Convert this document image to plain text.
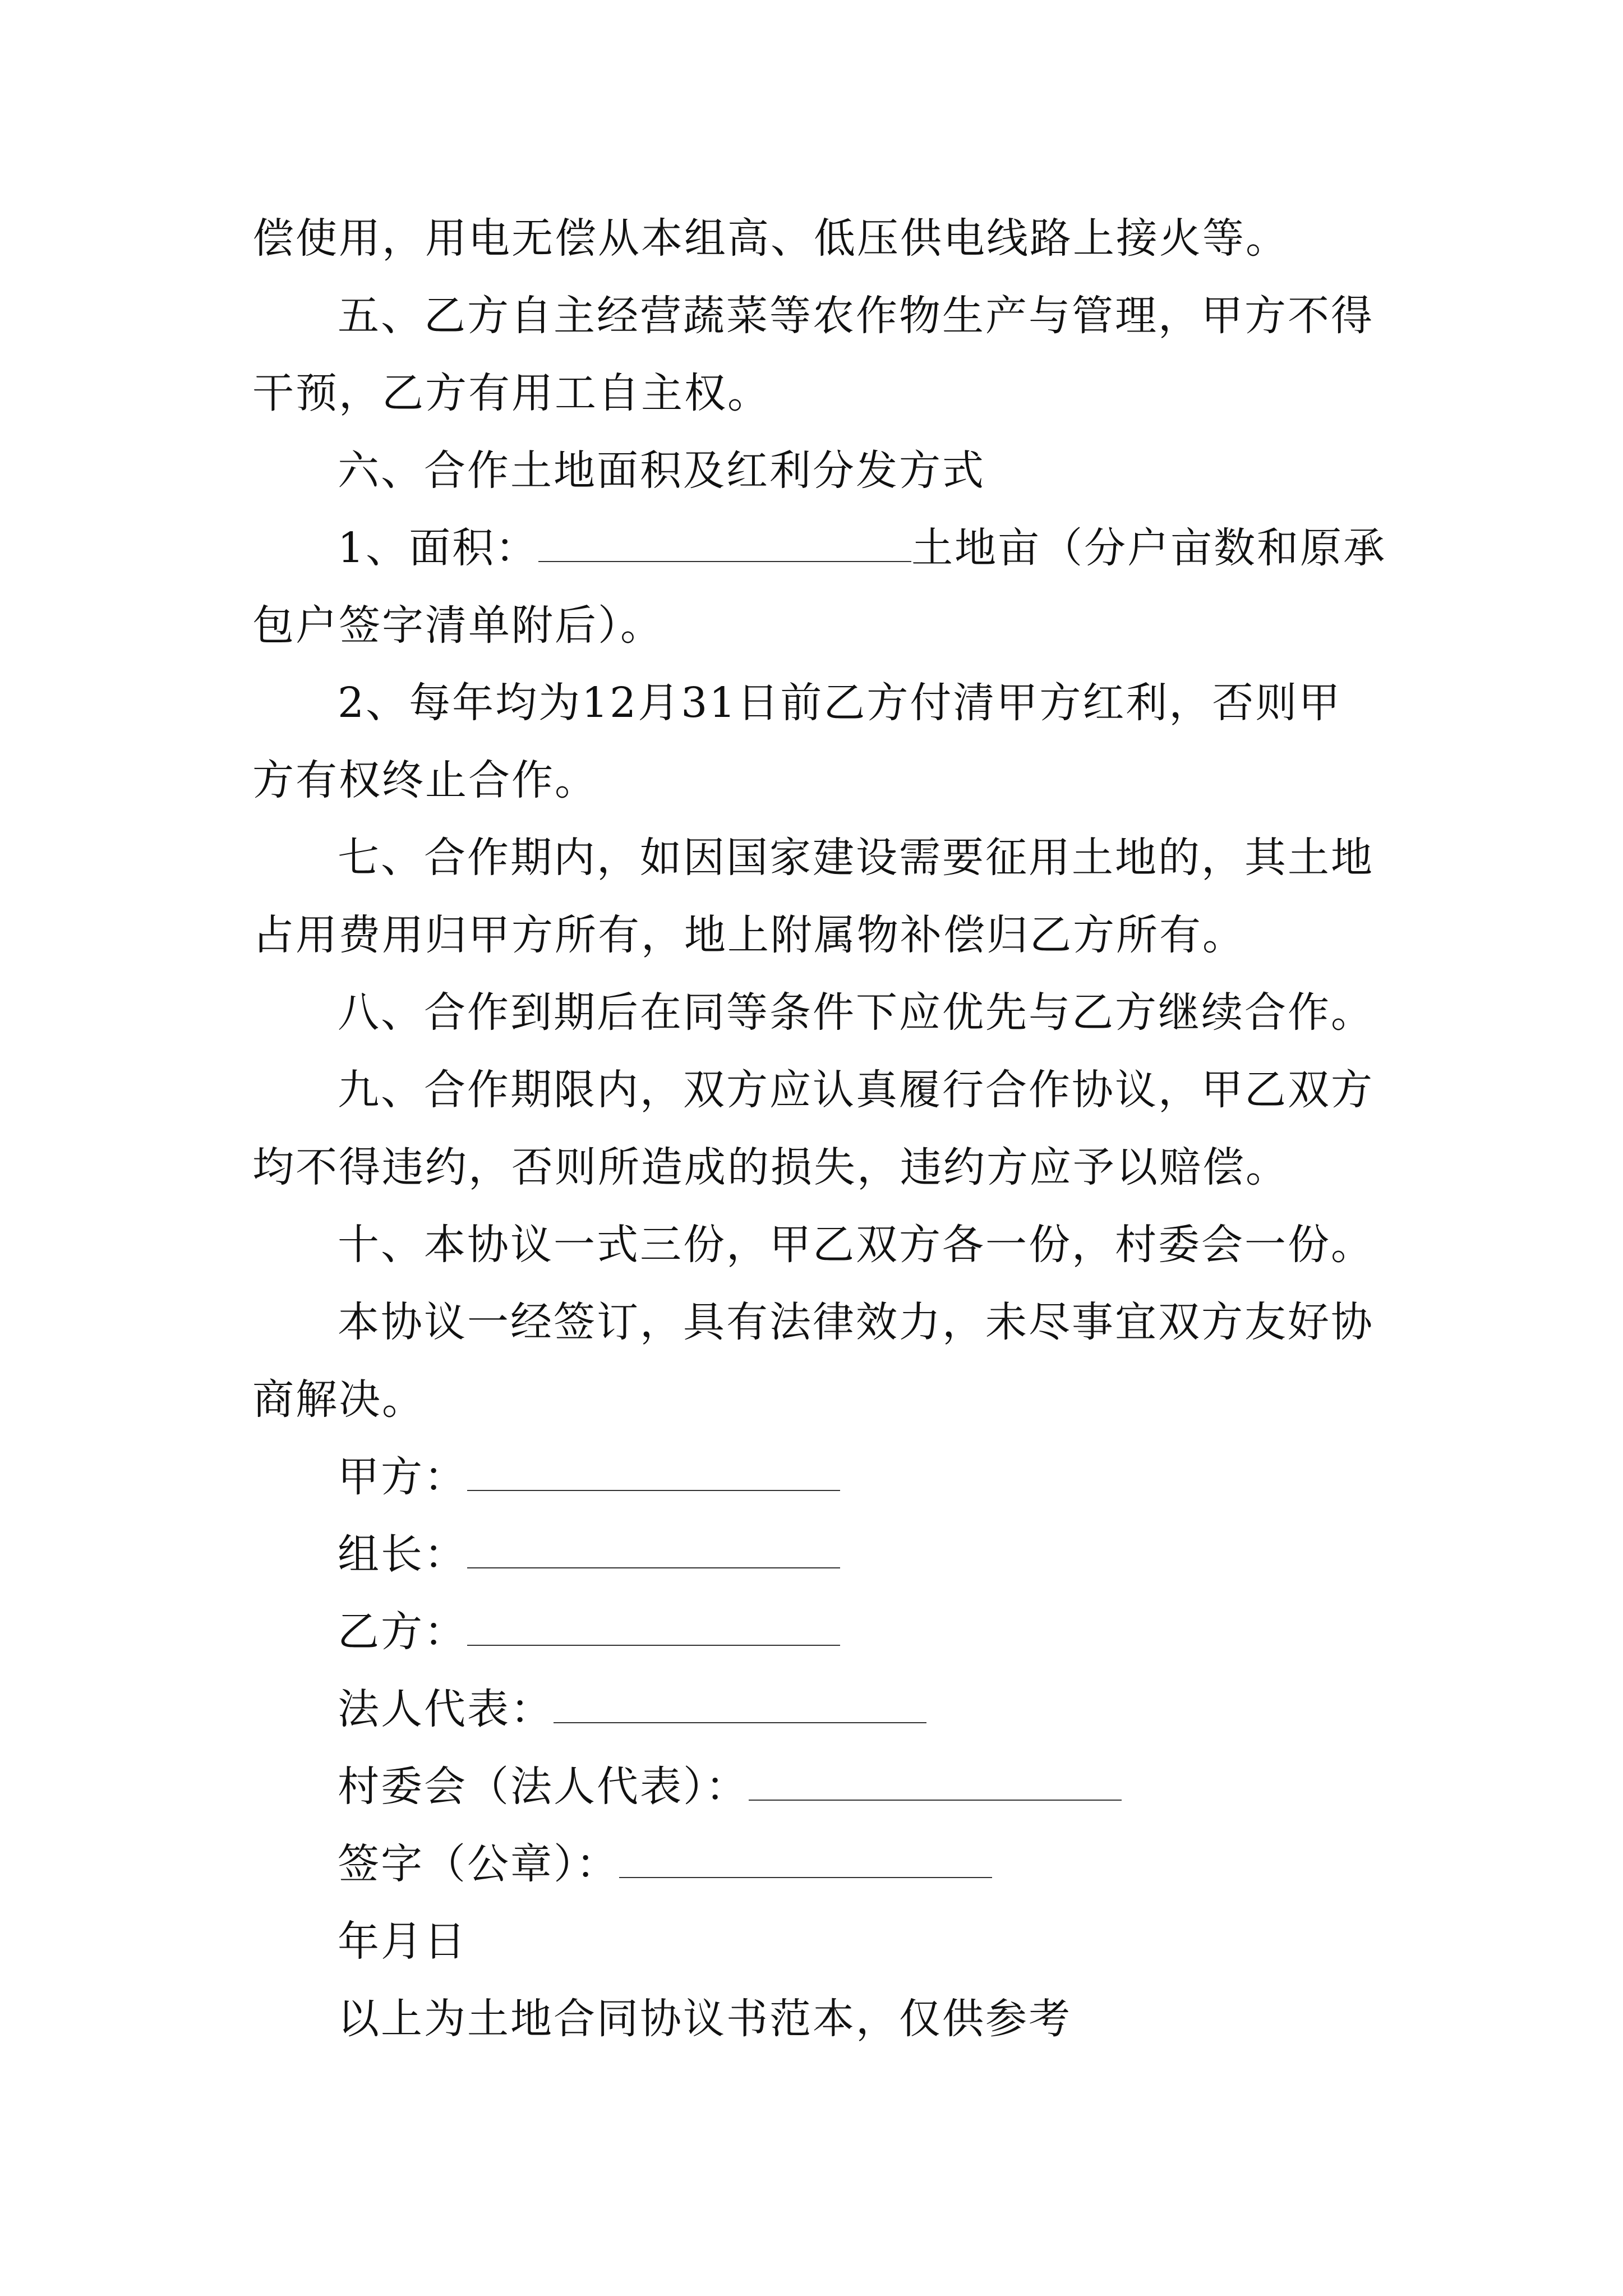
偿使用，用电无偿从本组高、低压供电线路上接火等。
五、乙方自主经营蔬菜等农作物生产与管理，甲方不得
干预，乙方有用工自主权。
六、合作土地面积及红利分发方式
1、面积：	土地亩（分户亩数和原承
包户签字清单附后）。
2、每年均为12月31日前乙方付清甲方红利，否则甲
方有权终止合作。
七、合作期内，如因国家建设需要征用土地的，其土地
占用费用归甲方所有，地上附属物补偿归乙方所有。
八、合作到期后在同等条件下应优先与乙方继续合作。
九、合作期限内，双方应认真履行合作协议，甲乙双方
均不得违约，否则所造成的损失，违约方应予以赔偿。
十、本协议一式三份，甲乙双方各一份，村委会一份。
本协议一经签订，具有法律效力，未尽事宜双方友好协
商解决。
甲方：
组长：
乙方：
法人代表：
村委会（法人代表）：
签字（公章）：
年月日
以上为土地合同协议书范本，仅供参考
